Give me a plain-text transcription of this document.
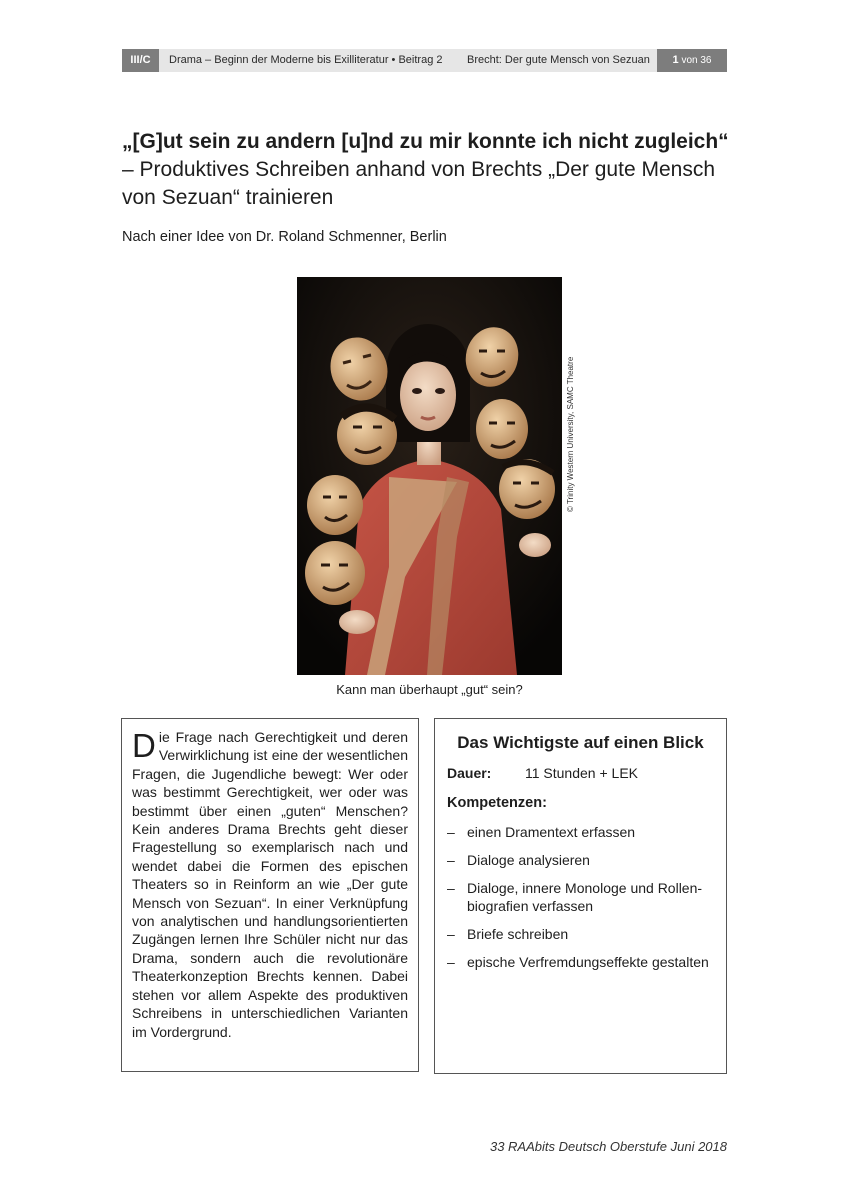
III/C	Drama – Beginn der Moderne bis Exilliteratur • Beitrag 2 Brecht: Der gute Mensch von Sezuan	1 von 36
„[G]ut sein zu andern [u]nd zu mir konnte ich nicht zugleich“ – Produktives Schreiben anhand von Brechts „Der gute Mensch von Sezuan“ trainieren
Nach einer Idee von Dr. Roland Schmenner, Berlin
© Trinity Western University, SAMC Theatre
Kann man überhaupt „gut“ sein?

Die Frage nach Gerechtigkeit und deren Verwirklichung ist eine der wesentlichen Fragen, die Jugendliche bewegt: Wer oder was bestimmt Gerechtigkeit, wer oder was bestimmt über einen „guten“ Menschen? Kein anderes Drama Brechts geht dieser Fragestellung so exemplarisch nach und wendet dabei die Formen des epischen Theaters so in Reinform an wie „Der gute Mensch von Sezuan“. In einer Verknüpfung von analytischen und handlungsorientierten Zugängen lernen Ihre Schüler nicht nur das Drama, sondern auch die revolutionäre Theaterkonzeption Brechts kennen. Dabei stehen vor allem Aspekte des produktiven Schreibens in unterschiedlichen Varianten im Vordergrund.

Das Wichtigste auf einen Blick
Dauer: 11 Stunden + LEK
Kompetenzen:
– einen Dramentext erfassen
– Dialoge analysieren
– Dialoge, innere Monologe und Rollenbiografien verfassen
– Briefe schreiben
– epische Verfremdungseffekte gestalten
33 RAAbits Deutsch Oberstufe Juni 2018
